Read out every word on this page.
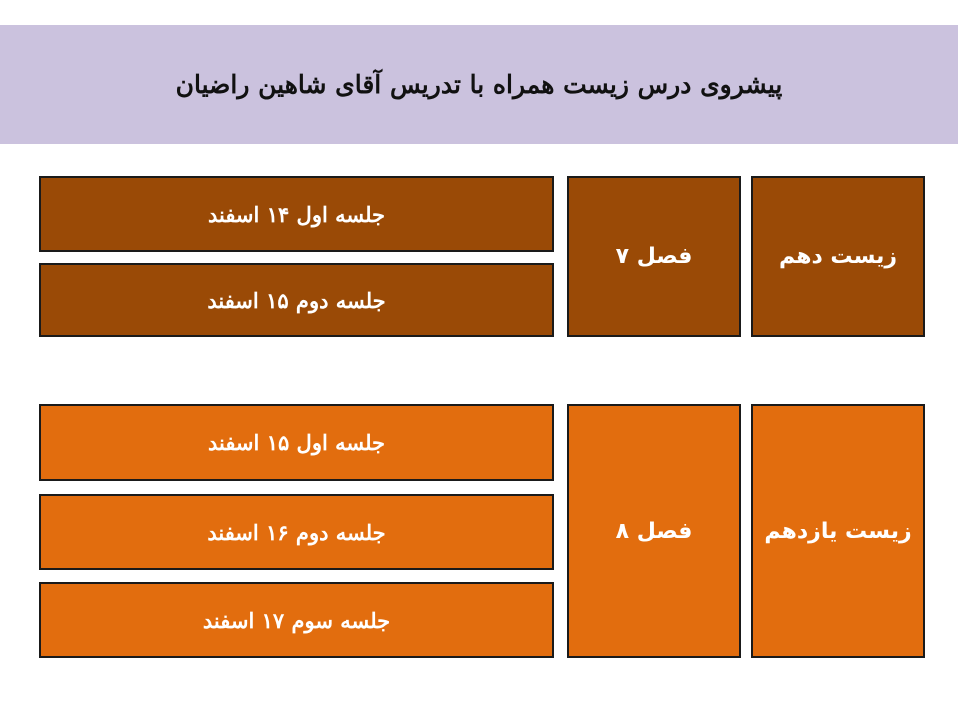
پیشروی درس زیست همراه با تدریس آقای شاهین راضیان
زیست دهم
فصل ۷
جلسه اول ۱۴ اسفند
جلسه دوم ۱۵ اسفند
زیست یازدهم
فصل ۸
جلسه اول ۱۵ اسفند
جلسه دوم ۱۶ اسفند
جلسه سوم ۱۷ اسفند
